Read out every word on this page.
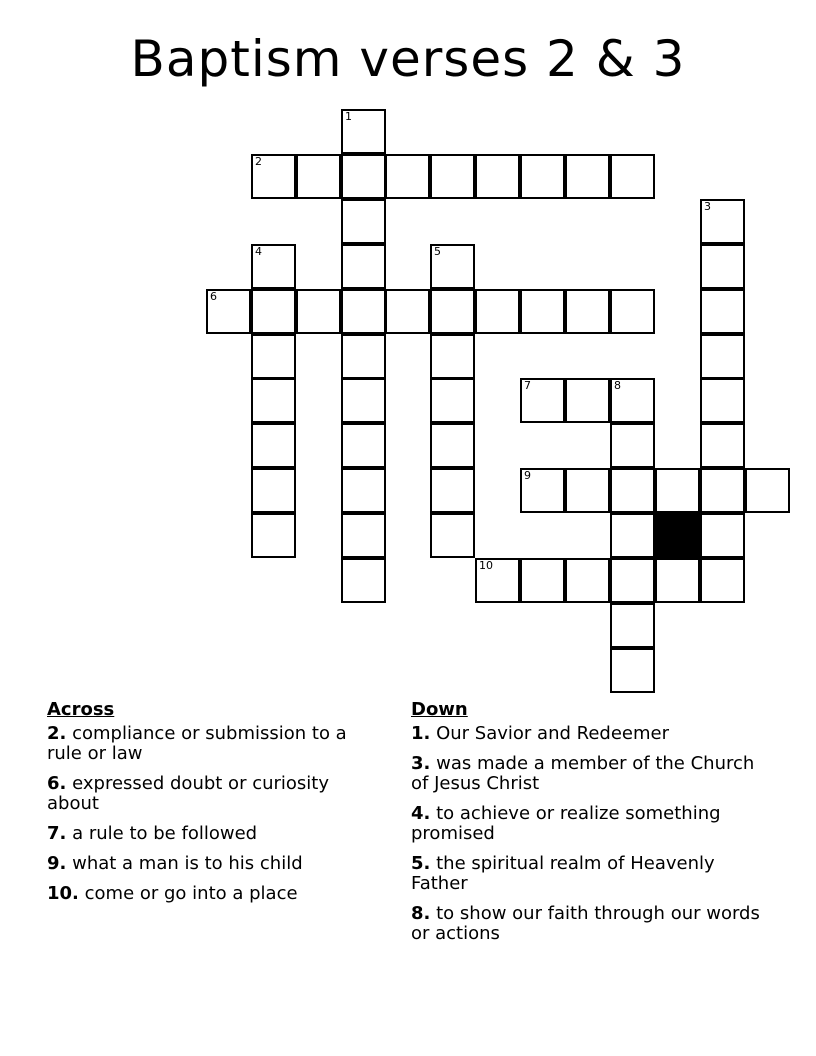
Baptism verses 2 & 3
1
2
3
4	5
6
7	8
9
10
Across
2. compliance or submission to a rule or law
6. expressed doubt or curiosity about
7. a rule to be followed
9. what a man is to his child
10. come or go into a place
Down
1. Our Savior and Redeemer
3. was made a member of the Church of Jesus Christ
4. to achieve or realize something promised
5. the spiritual realm of Heavenly Father
8. to show our faith through our words or actions
